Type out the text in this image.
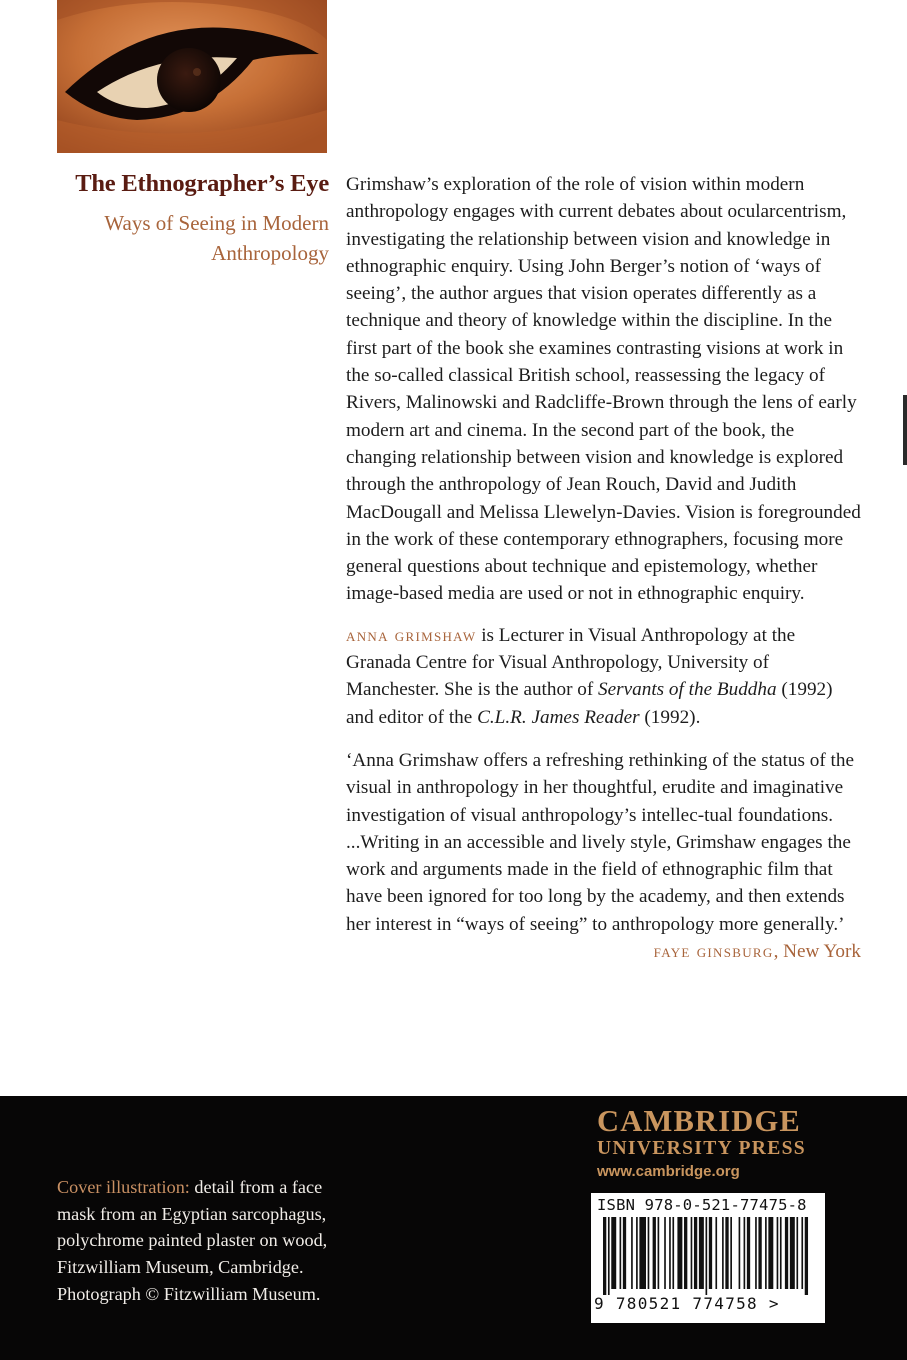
The Ethnographer’s Eye
Ways of Seeing in Modern
Anthropology

Grimshaw’s exploration of the role of vision within modern anthropology engages with current debates about ocularcentrism, investigating the relationship between vision and knowledge in ethnographic enquiry. Using John Berger’s notion of ‘ways of seeing’, the author argues that vision operates differently as a technique and theory of knowledge within the discipline. In the first part of the book she examines contrasting visions at work in the so-called classical British school, reassessing the legacy of Rivers, Malinowski and Radcliffe-Brown through the lens of early modern art and cinema. In the second part of the book, the changing relationship between vision and knowledge is explored through the anthropology of Jean Rouch, David and Judith MacDougall and Melissa Llewelyn-Davies. Vision is foregrounded in the work of these contemporary ethnographers, focusing more general questions about technique and epistemology, whether image-based media are used or not in ethnographic enquiry.

anna grimshaw is Lecturer in Visual Anthropology at the Granada Centre for Visual Anthropology, University of Manchester. She is the author of Servants of the Buddha (1992) and editor of the C.L.R. James Reader (1992).

‘Anna Grimshaw offers a refreshing rethinking of the status of the visual in anthropology in her thoughtful, erudite and imaginative investigation of visual anthropology’s intellec-tual foundations. ...Writing in an accessible and lively style, Grimshaw engages the work and arguments made in the field of ethnographic film that have been ignored for too long by the academy, and then extends her interest in “ways of seeing” to anthropology more generally.’

faye ginsburg, New York

Cover illustration: detail from a face mask from an Egyptian sarcophagus, polychrome painted plaster on wood, Fitzwilliam Museum, Cambridge. Photograph © Fitzwilliam Museum.

CAMBRIDGE
UNIVERSITY PRESS
www.cambridge.org
ISBN 978-0-521-77475-8
9 780521 774758 >
